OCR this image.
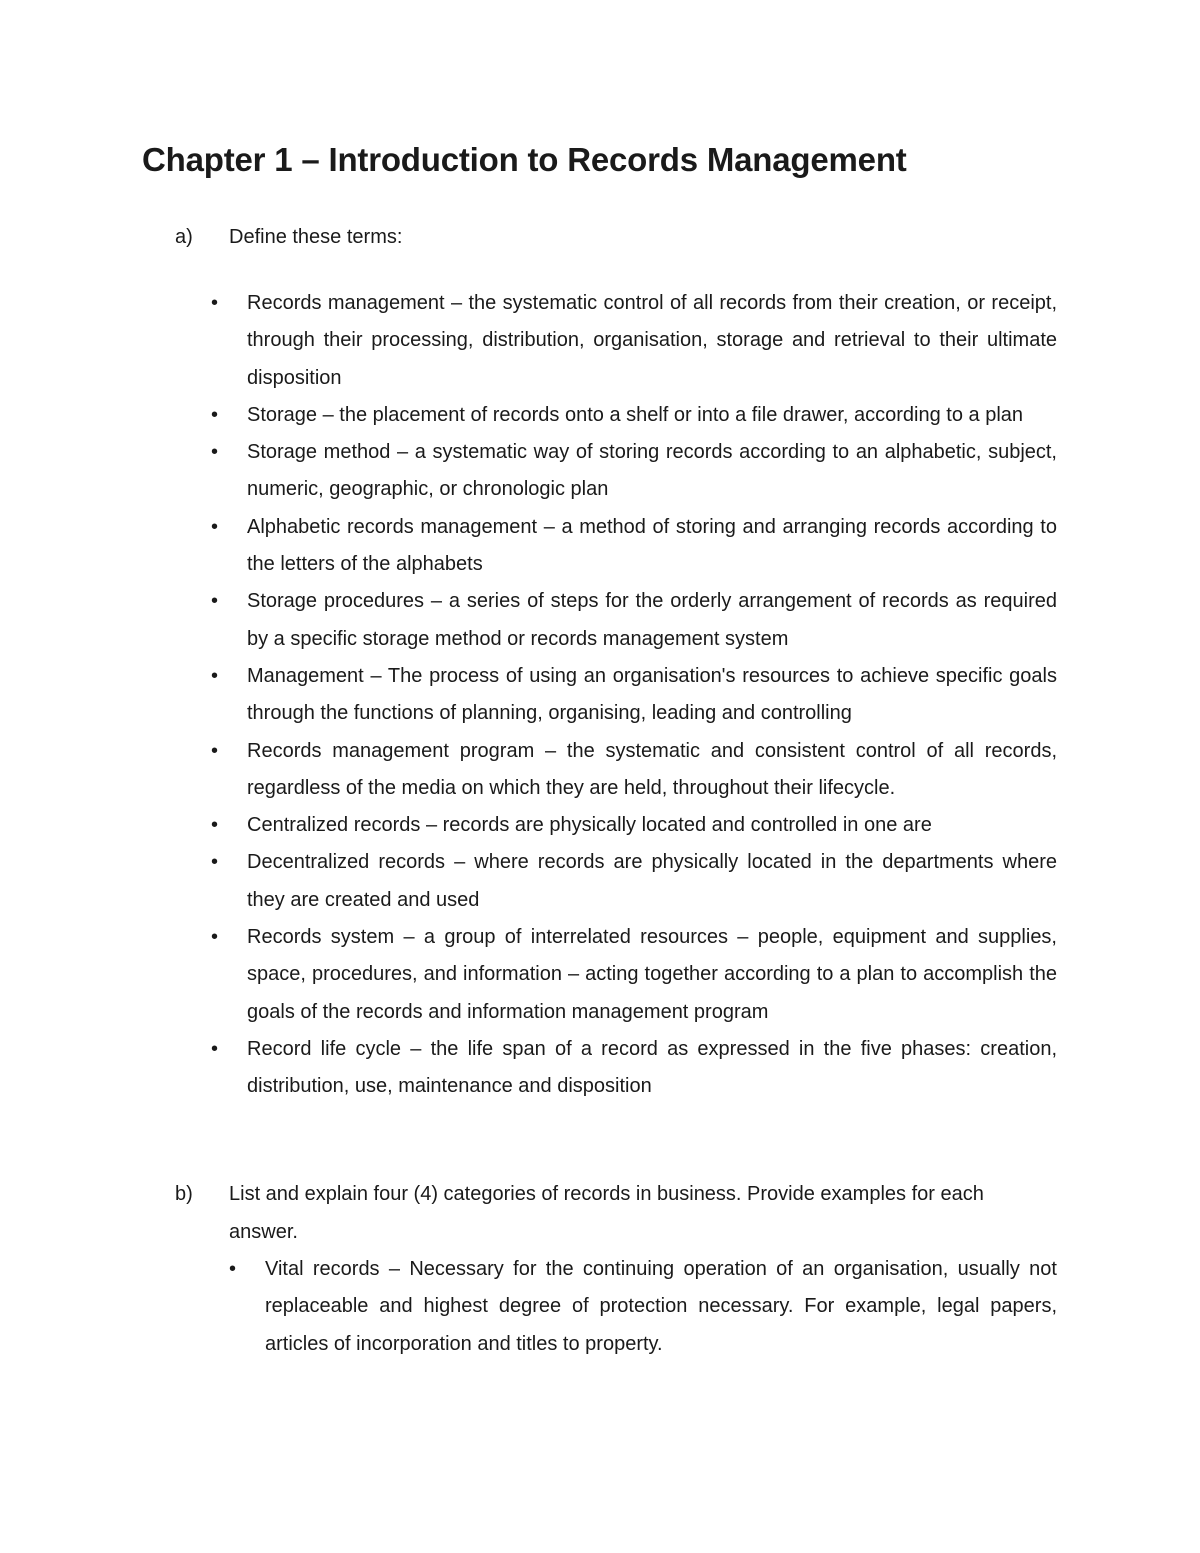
Chapter 1 – Introduction to Records Management
a) Define these terms:

• Records management – the systematic control of all records from their creation, or receipt, through their processing, distribution, organisation, storage and retrieval to their ultimate disposition
• Storage – the placement of records onto a shelf or into a file drawer, according to a plan
• Storage method – a systematic way of storing records according to an alphabetic, subject, numeric, geographic, or chronologic plan
• Alphabetic records management – a method of storing and arranging records according to the letters of the alphabets
• Storage procedures – a series of steps for the orderly arrangement of records as required by a specific storage method or records management system
• Management – The process of using an organisation's resources to achieve specific goals through the functions of planning, organising, leading and controlling
• Records management program – the systematic and consistent control of all records, regardless of the media on which they are held, throughout their lifecycle.
• Centralized records – records are physically located and controlled in one are
• Decentralized records – where records are physically located in the departments where they are created and used
• Records system – a group of interrelated resources – people, equipment and supplies, space, procedures, and information – acting together according to a plan to accomplish the goals of the records and information management program
• Record life cycle – the life span of a record as expressed in the five phases: creation, distribution, use, maintenance and disposition
b) List and explain four (4) categories of records in business. Provide examples for each answer.

• Vital records – Necessary for the continuing operation of an organisation, usually not replaceable and highest degree of protection necessary. For example, legal papers, articles of incorporation and titles to property.
